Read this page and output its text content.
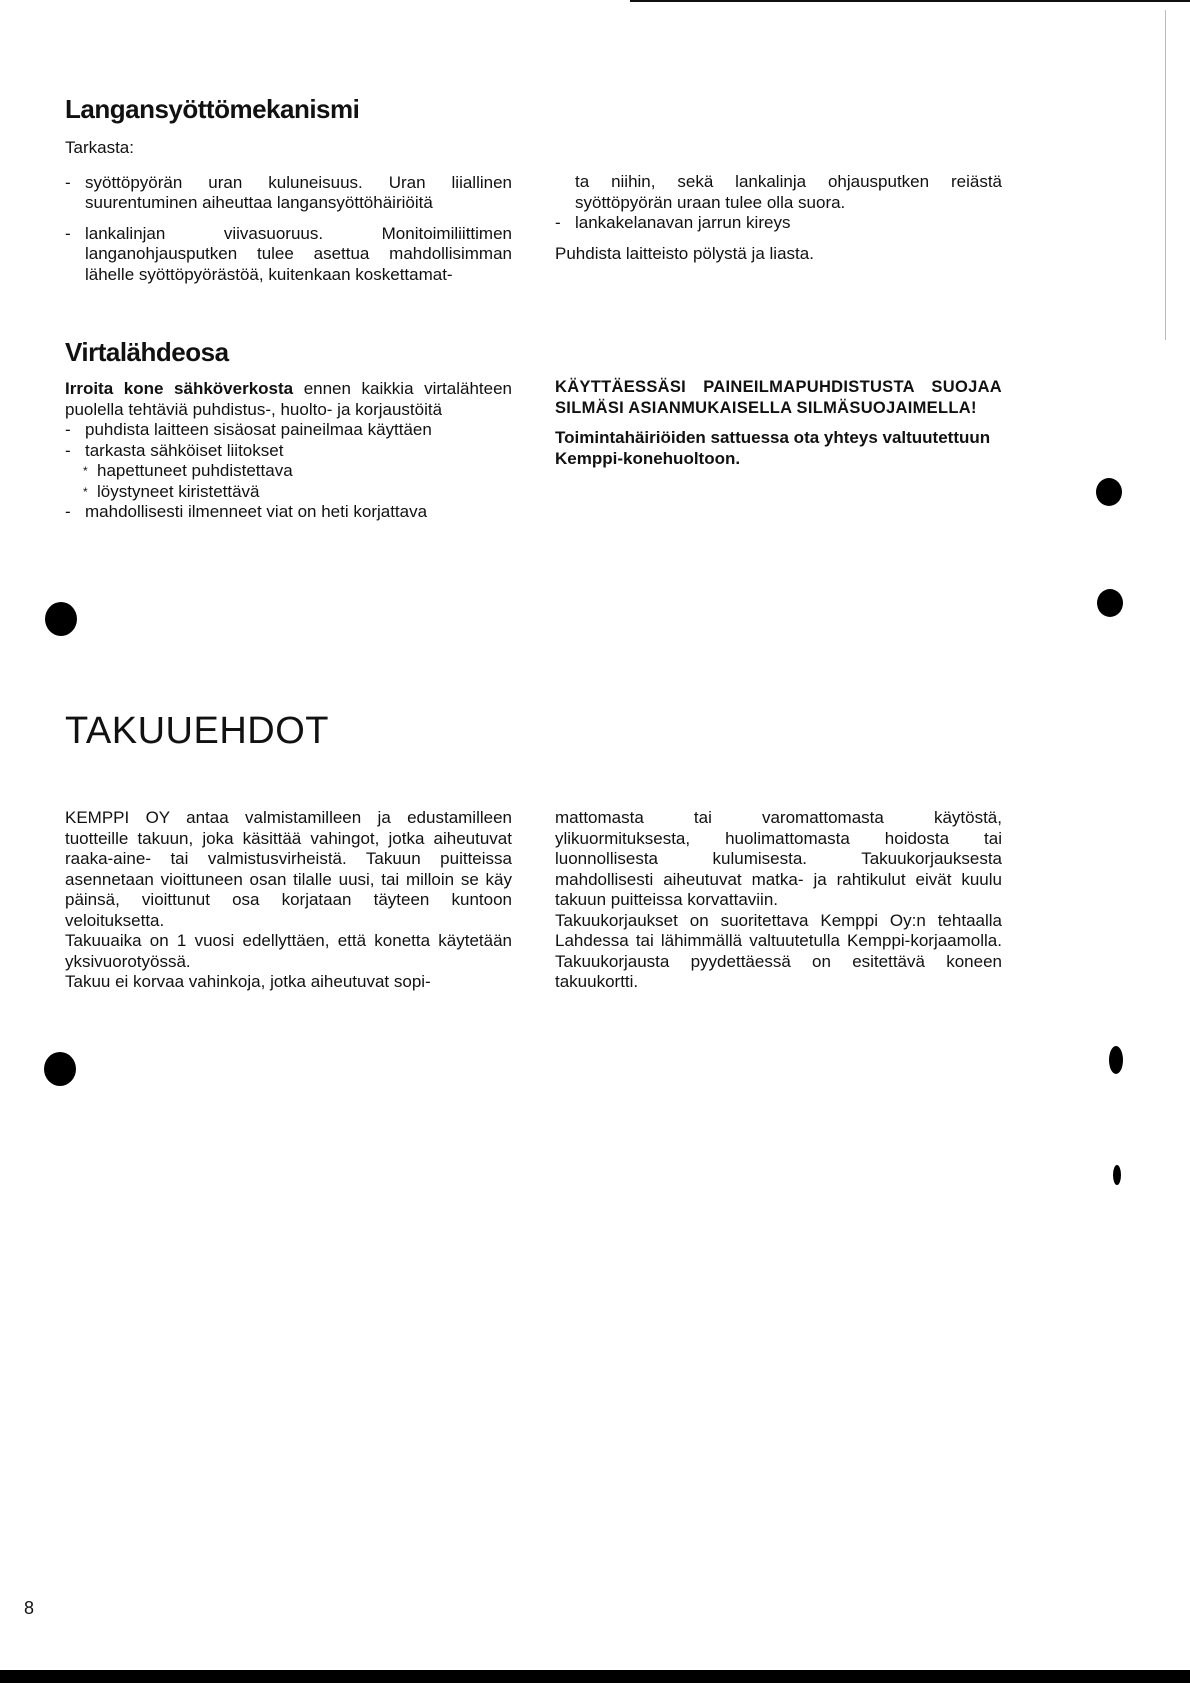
Langansyöttömekanismi

Tarkasta:

- syöttöpyörän uran kuluneisuus. Uran liiallinen suurentuminen aiheuttaa langansyöttöhäiriöitä
- lankalinjan viivasuoruus. Monitoimiliittimen langanohjausputken tulee asettua mahdollisimman lähelle syöttöpyörästöä, kuitenkaan koskettamat-
ta niihin, sekä lankalinja ohjausputken reiästä syöttöpyörän uraan tulee olla suora.
- lankakelanavan jarrun kireys

Puhdista laitteisto pölystä ja liasta.

Virtalähdeosa

Irroita kone sähköverkosta ennen kaikkia virtalähteen puolella tehtäviä puhdistus-, huolto- ja korjaustöitä

- puhdista laitteen sisäosat paineilmaa käyttäen
- tarkasta sähköiset liitokset
* hapettuneet puhdistettava
* löystyneet kiristettävä
- mahdollisesti ilmenneet viat on heti korjattava

KÄYTTÄESSÄSI PAINEILMAPUHDISTUSTA SUOJAA SILMÄSI ASIANMUKAISELLA SILMÄSUOJAIMELLA!

Toimintahäiriöiden sattuessa ota yhteys valtuutettuun Kemppi-konehuoltoon.

TAKUUEHDOT

KEMPPI OY antaa valmistamilleen ja edustamilleen tuotteille takuun, joka käsittää vahingot, jotka aiheutuvat raaka-aine- tai valmistusvirheistä. Takuun puitteissa asennetaan vioittuneen osan tilalle uusi, tai milloin se käy päinsä, vioittunut osa korjataan täyteen kuntoon veloituksetta.

Takuuaika on 1 vuosi edellyttäen, että konetta käytetään yksivuorotyössä.

Takuu ei korvaa vahinkoja, jotka aiheutuvat sopi-

mattomasta tai varomattomasta käytöstä, ylikuormituksesta, huolimattomasta hoidosta tai luonnollisesta kulumisesta. Takuukorjauksesta mahdollisesti aiheutuvat matka- ja rahtikulut eivät kuulu takuun puitteissa korvattaviin.

Takuukorjaukset on suoritettava Kemppi Oy:n tehtaalla Lahdessa tai lähimmällä valtuutetulla Kemppi-korjaamolla. Takuukorjausta pyydettäessä on esitettävä koneen takuukortti.

8
